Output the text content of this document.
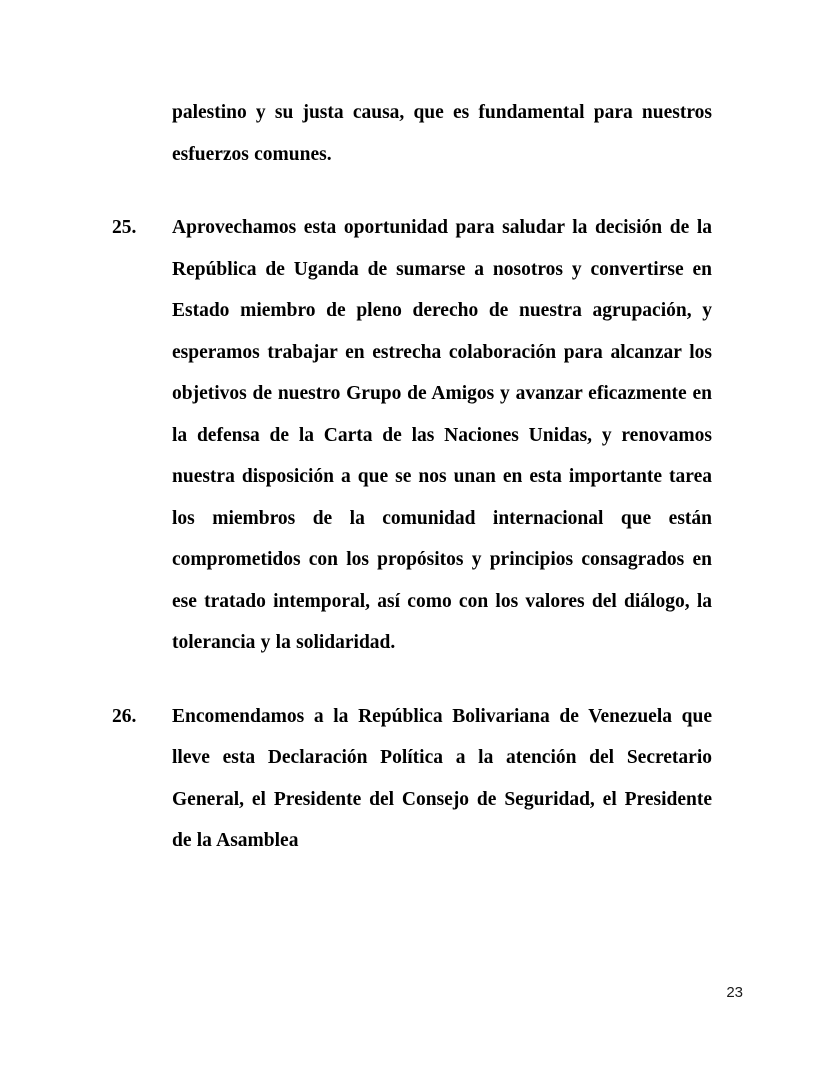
palestino y su justa causa, que es fundamental para nuestros esfuerzos comunes.
25.	Aprovechamos esta oportunidad para saludar la decisión de la República de Uganda de sumarse a nosotros y convertirse en Estado miembro de pleno derecho de nuestra agrupación, y esperamos trabajar en estrecha colaboración para alcanzar los objetivos de nuestro Grupo de Amigos y avanzar eficazmente en la defensa de la Carta de las Naciones Unidas, y renovamos nuestra disposición a que se nos unan en esta importante tarea los miembros de la comunidad internacional que están comprometidos con los propósitos y principios consagrados en ese tratado intemporal, así como con los valores del diálogo, la tolerancia y la solidaridad.
26.	Encomendamos a la República Bolivariana de Venezuela que lleve esta Declaración Política a la atención del Secretario General, el Presidente del Consejo de Seguridad, el Presidente de la Asamblea
23
